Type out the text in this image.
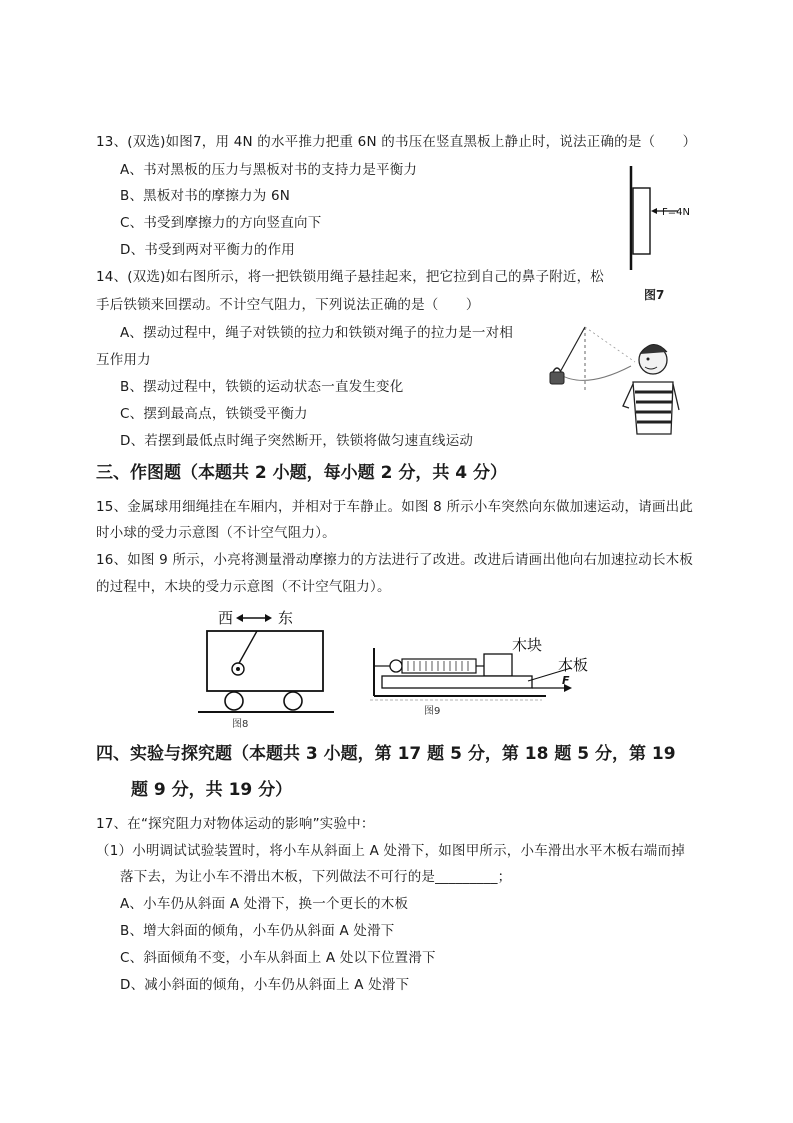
13、(双选)如图7，用 4N 的水平推力把重 6N 的书压在竖直黑板上静止时，说法正确的是（　　）
A、书对黑板的压力与黑板对书的支持力是平衡力
B、黑板对书的摩擦力为 6N
C、书受到摩擦力的方向竖直向下
D、书受到两对平衡力的作用
F=4N
图7
14、(双选)如右图所示，将一把铁锁用绳子悬挂起来，把它拉到自己的鼻子附近，松
手后铁锁来回摆动。不计空气阻力，下列说法正确的是（　　）
A、摆动过程中，绳子对铁锁的拉力和铁锁对绳子的拉力是一对相
互作用力
B、摆动过程中，铁锁的运动状态一直发生变化
C、摆到最高点，铁锁受平衡力
D、若摆到最低点时绳子突然断开，铁锁将做匀速直线运动
三、作图题（本题共 2 小题，每小题 2 分，共 4 分）
15、金属球用细绳挂在车厢内，并相对于车静止。如图 8 所示小车突然向东做加速运动，请画出此
时小球的受力示意图（不计空气阻力）。
16、如图 9 所示，小亮将测量滑动摩擦力的方法进行了改进。改进后请画出他向右加速拉动长木板
的过程中，木块的受力示意图（不计空气阻力）。
西	东
图8
木块
木板
F
图9
四、实验与探究题（本题共 3 小题，第 17 题 5 分，第 18 题 5 分，第 19
题 9 分，共 19 分）
17、在“探究阻力对物体运动的影响”实验中：
（1）小明调试试验装置时，将小车从斜面上 A 处滑下，如图甲所示，小车滑出水平木板右端而掉
落下去，为让小车不滑出木板，下列做法不可行的是_________；
A、小车仍从斜面 A 处滑下，换一个更长的木板
B、增大斜面的倾角，小车仍从斜面 A 处滑下
C、斜面倾角不变，小车从斜面上 A 处以下位置滑下
D、减小斜面的倾角，小车仍从斜面上 A 处滑下
